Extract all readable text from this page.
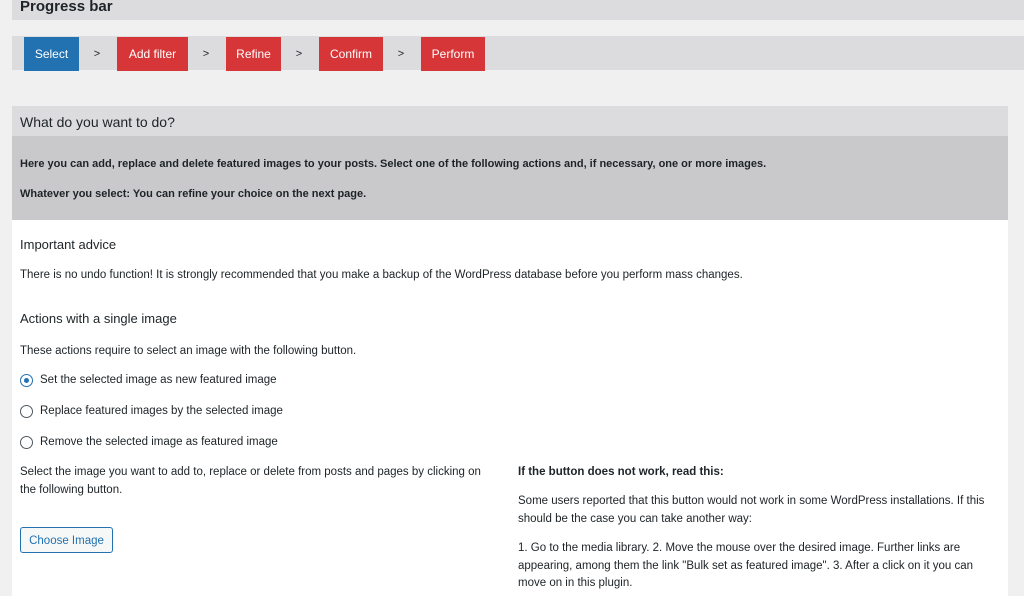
Progress bar
Select	>	Add filter	>	Refine	>	Confirm	>	Perform
What do you want to do?

Here you can add, replace and delete featured images to your posts. Select one of the following actions and, if necessary, one or more images.

Whatever you select: You can refine your choice on the next page.

Important advice

There is no undo function! It is strongly recommended that you make a backup of the WordPress database before you perform mass changes.

Actions with a single image

These actions require to select an image with the following button.

Set the selected image as new featured image
Replace featured images by the selected image
Remove the selected image as featured image

Select the image you want to add to, replace or delete from posts and pages by clicking on

the following button.

Choose Image

If the button does not work, read this:

Some users reported that this button would not work in some WordPress installations. If this

should be the case you can take another way:

1. Go to the media library. 2. Move the mouse over the desired image. Further links are

appearing, among them the link "Bulk set as featured image". 3. After a click on it you can

move on in this plugin.
